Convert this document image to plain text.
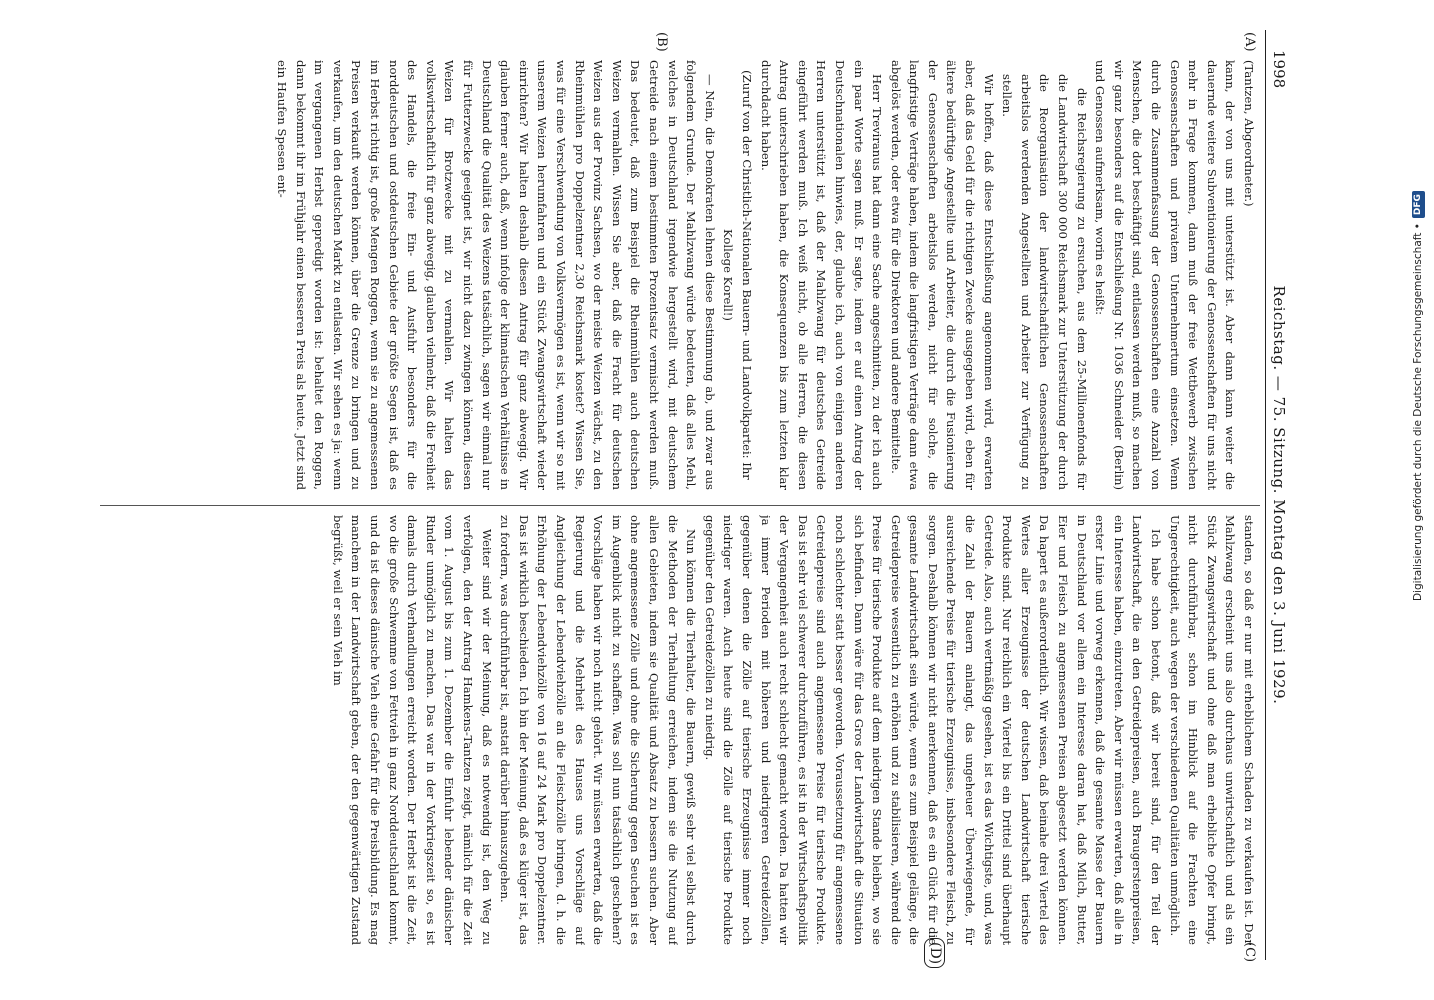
1998
Reichstag. — 75. Sitzung. Montag den 3. Juni 1929.
(A)
(B)
(C)
(D)

(Tantzen, Abgeordneter.)

kann, der von uns mit unterstützt ist. Aber dann kann weiter die dauernde weitere Subventionierung der Genossenschaften für uns nicht mehr in Frage kommen, dann muß der freie Wettbewerb zwischen Genossenschaften und privatem Unternehmertum einsetzen. Wenn durch die Zusammenfassung der Genossenschaften eine Anzahl von Menschen, die dort beschäftigt sind, entlassen werden muß, so machen wir ganz besonders auf die Entschließung Nr. 1036 Schneider (Berlin) und Genossen aufmerksam, worin es heißt:

die Reichsregierung zu ersuchen, aus dem 25-Millionenfonds für die Landwirtschaft 300 000 Reichsmark zur Unterstützung der durch die Reorganisation der landwirtschaftlichen Genossenschaften arbeitslos werdenden Angestellten und Arbeiter zur Verfügung zu stellen.

Wir hoffen, daß diese Entschließung angenommen wird, erwarten aber, daß das Geld für die richtigen Zwecke ausgegeben wird, eben für ältere bedürftige Angestellte und Arbeiter, die durch die Fusionierung der Genossenschaften arbeitslos werden, nicht für solche, die langfristige Verträge haben, indem die langfristigen Verträge dann etwa abgelöst werden, oder etwa für die Direktoren und andere Bemittelte.

Herr Treviranus hat dann eine Sache angeschnitten, zu der ich auch ein paar Worte sagen muß. Er sagte, indem er auf einen Antrag der Deutschnationalen hinwies, der, glaube ich, auch von einigen anderen Herren unterstützt ist, daß der Mahlzwang für deutsches Getreide eingeführt werden muß. Ich weiß nicht, ob alle Herren, die diesen Antrag unterschrieben haben, die Konsequenzen bis zum letzten klar durchdacht haben.

(Zuruf von der Christlich-Nationalen Bauern- und Landvolkpartei: Ihr Kollege Korell!)

— Nein, die Demokraten lehnen diese Bestimmung ab, und zwar aus folgendem Grunde. Der Mahlzwang würde bedeuten, daß alles Mehl, welches in Deutschland irgendwie hergestellt wird, mit deutschem Getreide nach einem bestimmten Prozentsatz vermischt werden muß. Das bedeutet, daß zum Beispiel die Rheinmühlen auch deutschen Weizen vermahlen. Wissen Sie aber, daß die Fracht für deutschen Weizen aus der Provinz Sachsen, wo der meiste Weizen wächst, zu den Rheinmühlen pro Doppelzentner 2,30 Reichsmark kostet? Wissen Sie, was für eine Verschwendung von Volksvermögen es ist, wenn wir so mit unserem Weizen herumfahren und ein Stück Zwangswirtschaft wieder einrichten? Wir halten deshalb diesen Antrag für ganz abwegig. Wir glauben ferner auch, daß, wenn infolge der klimatischen Verhältnisse in Deutschland die Qualität des Weizens tatsächlich, sagen wir einmal nur für Futterzwecke geeignet ist, wir nicht dazu zwingen können, diesen Weizen für Brotzwecke mit zu vermahlen. Wir halten das volkswirtschaftlich für ganz abwegig, glauben vielmehr, daß die Freiheit des Handels, die freie Ein- und Ausfuhr besonders für die norddeutschen und ostdeutschen Gebiete der größte Segen ist, daß es im Herbst richtig ist, große Mengen Roggen, wenn sie zu angemessenen Preisen verkauft werden können, über die Grenze zu bringen und zu verkaufen, um den deutschen Markt zu entlasten. Wir sehen es ja: wenn im vergangenen Herbst gepredigt worden ist: behaltet den Roggen, dann bekommt ihr im Frühjahr einen besseren Preis als heute. Jetzt sind ein Haufen Spesen ent-

standen, so daß er nur mit erheblichem Schaden zu verkaufen ist. Der Mahlzwang erscheint uns also durchaus unwirtschaftlich und als ein Stück Zwangswirtschaft und ohne daß man erhebliche Opfer bringt, nicht durchführbar, schon im Hinblick auf die Frachten eine Ungerechtigkeit, auch wegen der verschiedenen Qualitäten unmöglich.

Ich habe schon betont, daß wir bereit sind, für den Teil der Landwirtschaft, die an den Getreidepreisen, auch Braugerstenpreisen, ein Interesse haben, einzutreten. Aber wir müssen erwarten, daß alle in erster Linie und vorweg erkennen, daß die gesamte Masse der Bauern in Deutschland vor allem ein Interesse daran hat, daß Milch, Butter, Eier und Fleisch zu angemessenen Preisen abgesetzt werden können. Da hapert es außerordentlich. Wir wissen, daß beinahe drei Viertel des Wertes aller Erzeugnisse der deutschen Landwirtschaft tierische Produkte sind. Nur reichlich ein Viertel bis ein Drittel sind überhaupt Getreide. Also, auch wertmäßig gesehen, ist es das Wichtigste, und, was die Zahl der Bauern anlangt, das ungeheuer Überwiegende, für ausreichende Preise für tierische Erzeugnisse, insbesondere Fleisch, zu sorgen. Deshalb können wir nicht anerkennen, daß es ein Glück für die gesamte Landwirtschaft sein würde, wenn es zum Beispiel gelänge, die Getreidepreise wesentlich zu erhöhen und zu stabilisieren, während die Preise für tierische Produkte auf dem niedrigen Stande bleiben, wo sie sich befinden. Dann wäre für das Gros der Landwirtschaft die Situation noch schlechter statt besser geworden. Voraussetzung für angemessene Getreidepreise sind auch angemessene Preise für tierische Produkte. Das ist sehr viel schwerer durchzuführen, es ist in der Wirtschaftspolitik der Vergangenheit auch recht schlecht gemacht worden. Da hatten wir ja immer Perioden mit höheren und niedrigeren Getreidezöllen, gegenüber denen die Zölle auf tierische Erzeugnisse immer noch niedriger waren. Auch heute sind die Zölle auf tierische Produkte gegenüber den Getreidezöllen zu niedrig.

Nun können die Tierhalter, die Bauern, gewiß sehr viel selbst durch die Methoden der Tierhaltung erreichen, indem sie die Nutzung auf allen Gebieten, indem sie Qualität und Absatz zu bessern suchen. Aber ohne angemessene Zölle und ohne die Sicherung gegen Seuchen ist es im Augenblick nicht zu schaffen. Was soll nun tatsächlich geschehen? Vorschläge haben wir noch nicht gehört. Wir müssen erwarten, daß die Regierung und die Mehrheit des Hauses uns Vorschläge auf Angleichung der Lebendviehzölle an die Fleischzölle bringen, d. h. die Erhöhung der Lebendviehzölle von 16 auf 24 Mark pro Doppelzentner. Das ist wirklich beschieden. Ich bin der Meinung, daß es klüger ist, das zu fordern, was durchführbar ist, anstatt darüber hinauszugehen.

Weiter sind wir der Meinung, daß es notwendig ist, den Weg zu verfolgen, den der Antrag Hamkens-Tantzen zeigt, nämlich für die Zeit vom 1. August bis zum 1. Dezember die Einfuhr lebender dänischer Rinder unmöglich zu machen. Das war in der Vorkriegszeit so, es ist damals durch Verhandlungen erreicht worden. Der Herbst ist die Zeit, wo die große Schwemme von Fettvieh in ganz Norddeutschland kommt, und da ist dieses dänische Vieh eine Gefahr für die Preisbildung. Es mag manchem in der Landwirtschaft geben, der den gegenwärtigen Zustand begrüßt, weil er sein Vieh im	Digitalisierung gefördert durch die Deutsche Forschungsgemeinschaft •
DFG
